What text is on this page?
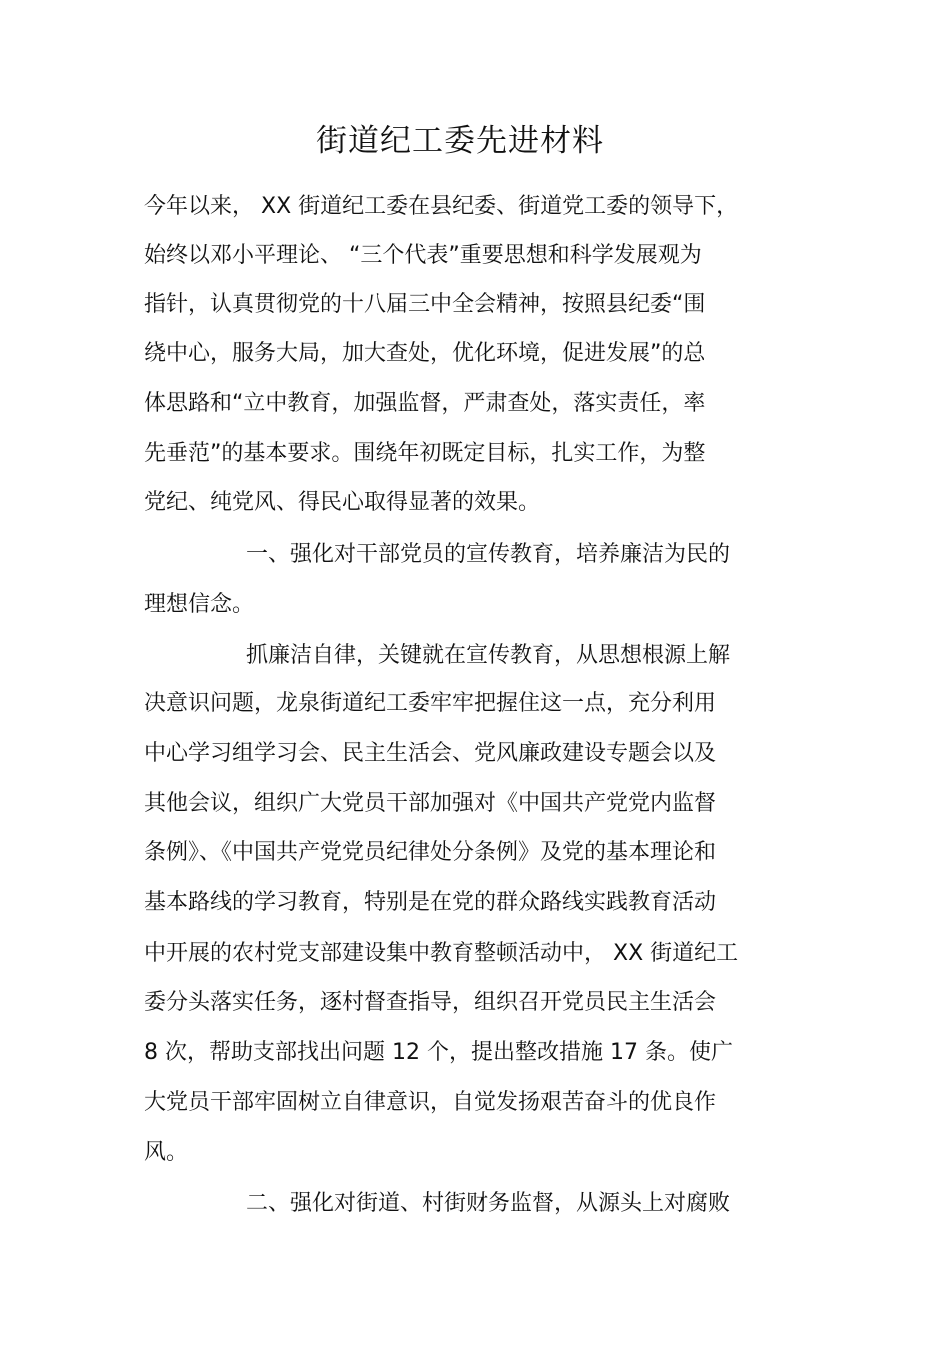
街道纪工委先进材料
今年以来， XX 街道纪工委在县纪委、街道党工委的领导下，
始终以邓小平理论、 “三个代表”重要思想和科学发展观为
指针，认真贯彻党的十八届三中全会精神，按照县纪委“围
绕中心，服务大局，加大查处，优化环境，促进发展”的总
体思路和“立中教育，加强监督，严肃查处，落实责任，率
先垂范”的基本要求。围绕年初既定目标，扎实工作，为整
党纪、纯党风、得民心取得显著的效果。
一、强化对干部党员的宣传教育，培养廉洁为民的
理想信念。
抓廉洁自律，关键就在宣传教育，从思想根源上解
决意识问题，龙泉街道纪工委牢牢把握住这一点，充分利用
中心学习组学习会、民主生活会、党风廉政建设专题会以及
其他会议，组织广大党员干部加强对《中国共产党党内监督
条例》、《中国共产党党员纪律处分条例》及党的基本理论和
基本路线的学习教育，特别是在党的群众路线实践教育活动
中开展的农村党支部建设集中教育整顿活动中， XX 街道纪工
委分头落实任务，逐村督查指导，组织召开党员民主生活会
8 次，帮助支部找出问题 12 个，提出整改措施 17 条。使广
大党员干部牢固树立自律意识，自觉发扬艰苦奋斗的优良作
风。
二、强化对街道、村街财务监督，从源头上对腐败
